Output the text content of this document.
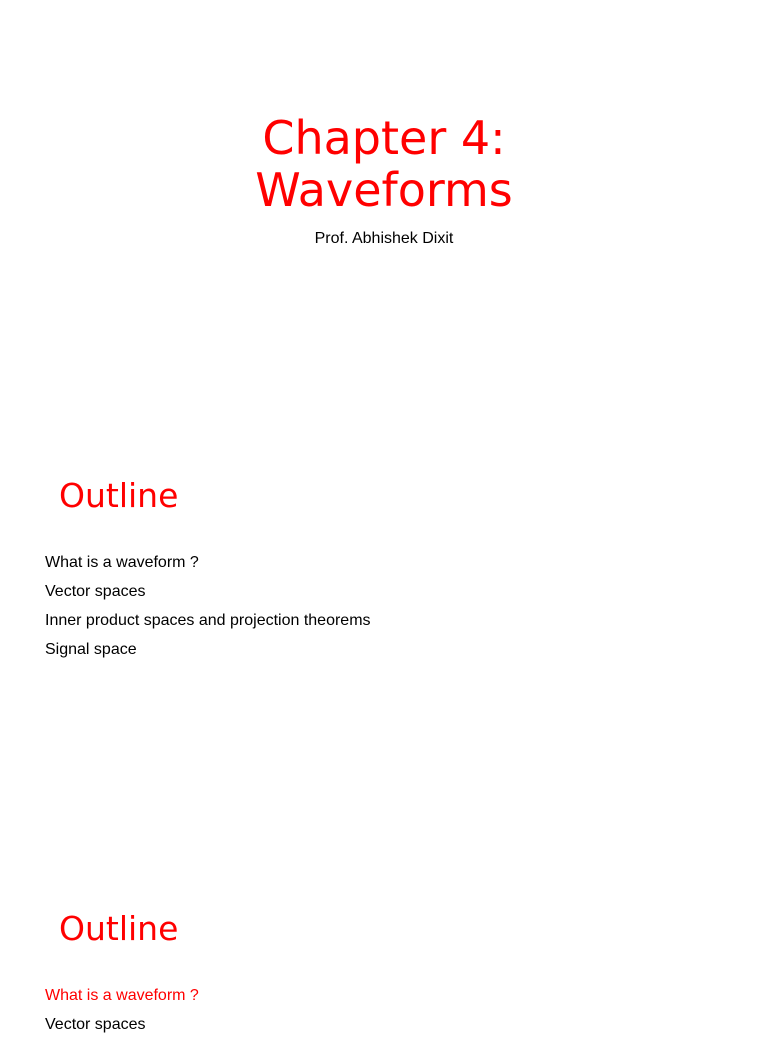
Chapter 4:
Waveforms
Prof. Abhishek Dixit
Outline
What is a waveform ?
Vector spaces
Inner product spaces and projection theorems
Signal space
Outline
What is a waveform ?
Vector spaces
